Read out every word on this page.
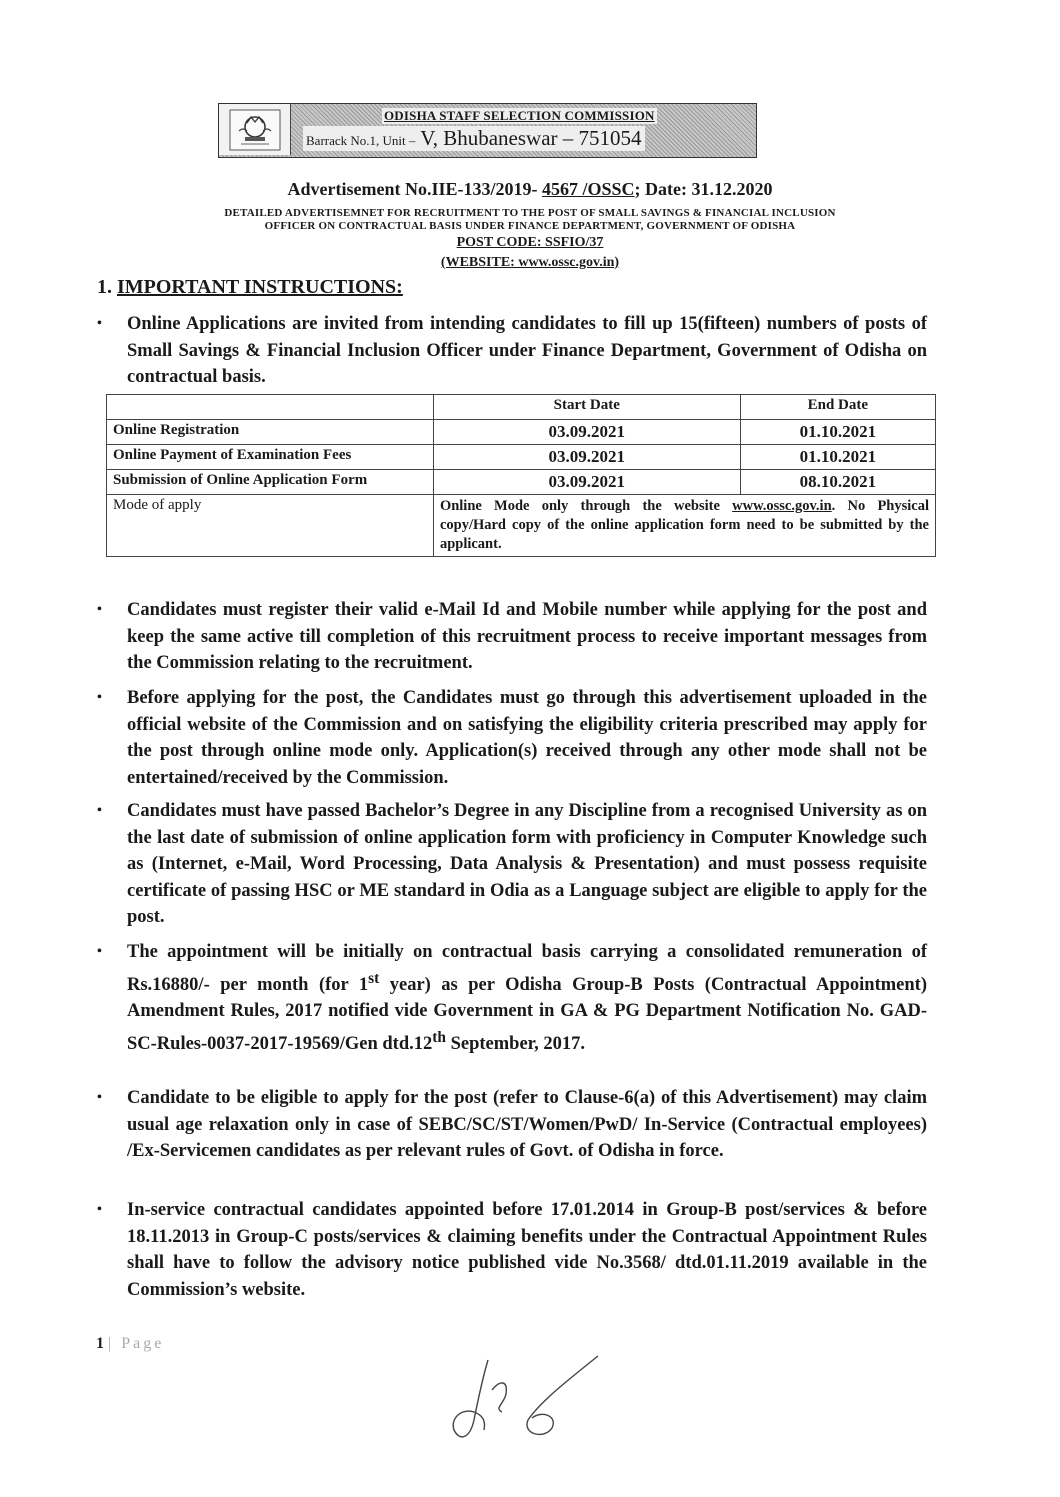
ODISHA STAFF SELECTION COMMISSION
Barrack No.1, Unit – V, Bhubaneswar – 751054
Advertisement No.IIE-133/2019- 4567 /OSSC; Date: 31.12.2020
DETAILED ADVERTISEMNET FOR RECRUITMENT TO THE POST OF SMALL SAVINGS & FINANCIAL INCLUSION
OFFICER ON CONTRACTUAL BASIS UNDER FINANCE DEPARTMENT, GOVERNMENT OF ODISHA
POST CODE: SSFIO/37
(WEBSITE: www.ossc.gov.in)
1. IMPORTANT INSTRUCTIONS:
•	Online Applications are invited from intending candidates to fill up 15(fifteen) numbers of posts of Small Savings & Financial Inclusion Officer under Finance Department, Government of Odisha on contractual basis.
	Start Date	End Date
Online Registration	03.09.2021	01.10.2021
Online Payment of Examination Fees	03.09.2021	01.10.2021
Submission of Online Application Form	03.09.2021	08.10.2021
Mode of apply	Online Mode only through the website www.ossc.gov.in. No Physical copy/Hard copy of the online application form need to be submitted by the applicant.	
•	Candidates must register their valid e-Mail Id and Mobile number while applying for the post and keep the same active till completion of this recruitment process to receive important messages from the Commission relating to the recruitment.
•	Before applying for the post, the Candidates must go through this advertisement uploaded in the official website of the Commission and on satisfying the eligibility criteria prescribed may apply for the post through online mode only. Application(s) received through any other mode shall not be entertained/received by the Commission.
•	Candidates must have passed Bachelor’s Degree in any Discipline from a recognised University as on the last date of submission of online application form with proficiency in Computer Knowledge such as (Internet, e-Mail, Word Processing, Data Analysis & Presentation) and must possess requisite certificate of passing HSC or ME standard in Odia as a Language subject are eligible to apply for the post.
•	The appointment will be initially on contractual basis carrying a consolidated remuneration of Rs.16880/- per month (for 1st year) as per Odisha Group-B Posts (Contractual Appointment) Amendment Rules, 2017 notified vide Government in GA & PG Department Notification No. GAD-SC-Rules-0037-2017-19569/Gen dtd.12th September, 2017.
•	Candidate to be eligible to apply for the post (refer to Clause-6(a) of this Advertisement) may claim usual age relaxation only in case of SEBC/SC/ST/Women/PwD/ In-Service (Contractual employees) /Ex-Servicemen candidates as per relevant rules of Govt. of Odisha in force.
•	In-service contractual candidates appointed before 17.01.2014 in Group-B post/services & before 18.11.2013 in Group-C posts/services & claiming benefits under the Contractual Appointment Rules shall have to follow the advisory notice published vide No.3568/ dtd.01.11.2019 available in the Commission’s website.
1 | Page
